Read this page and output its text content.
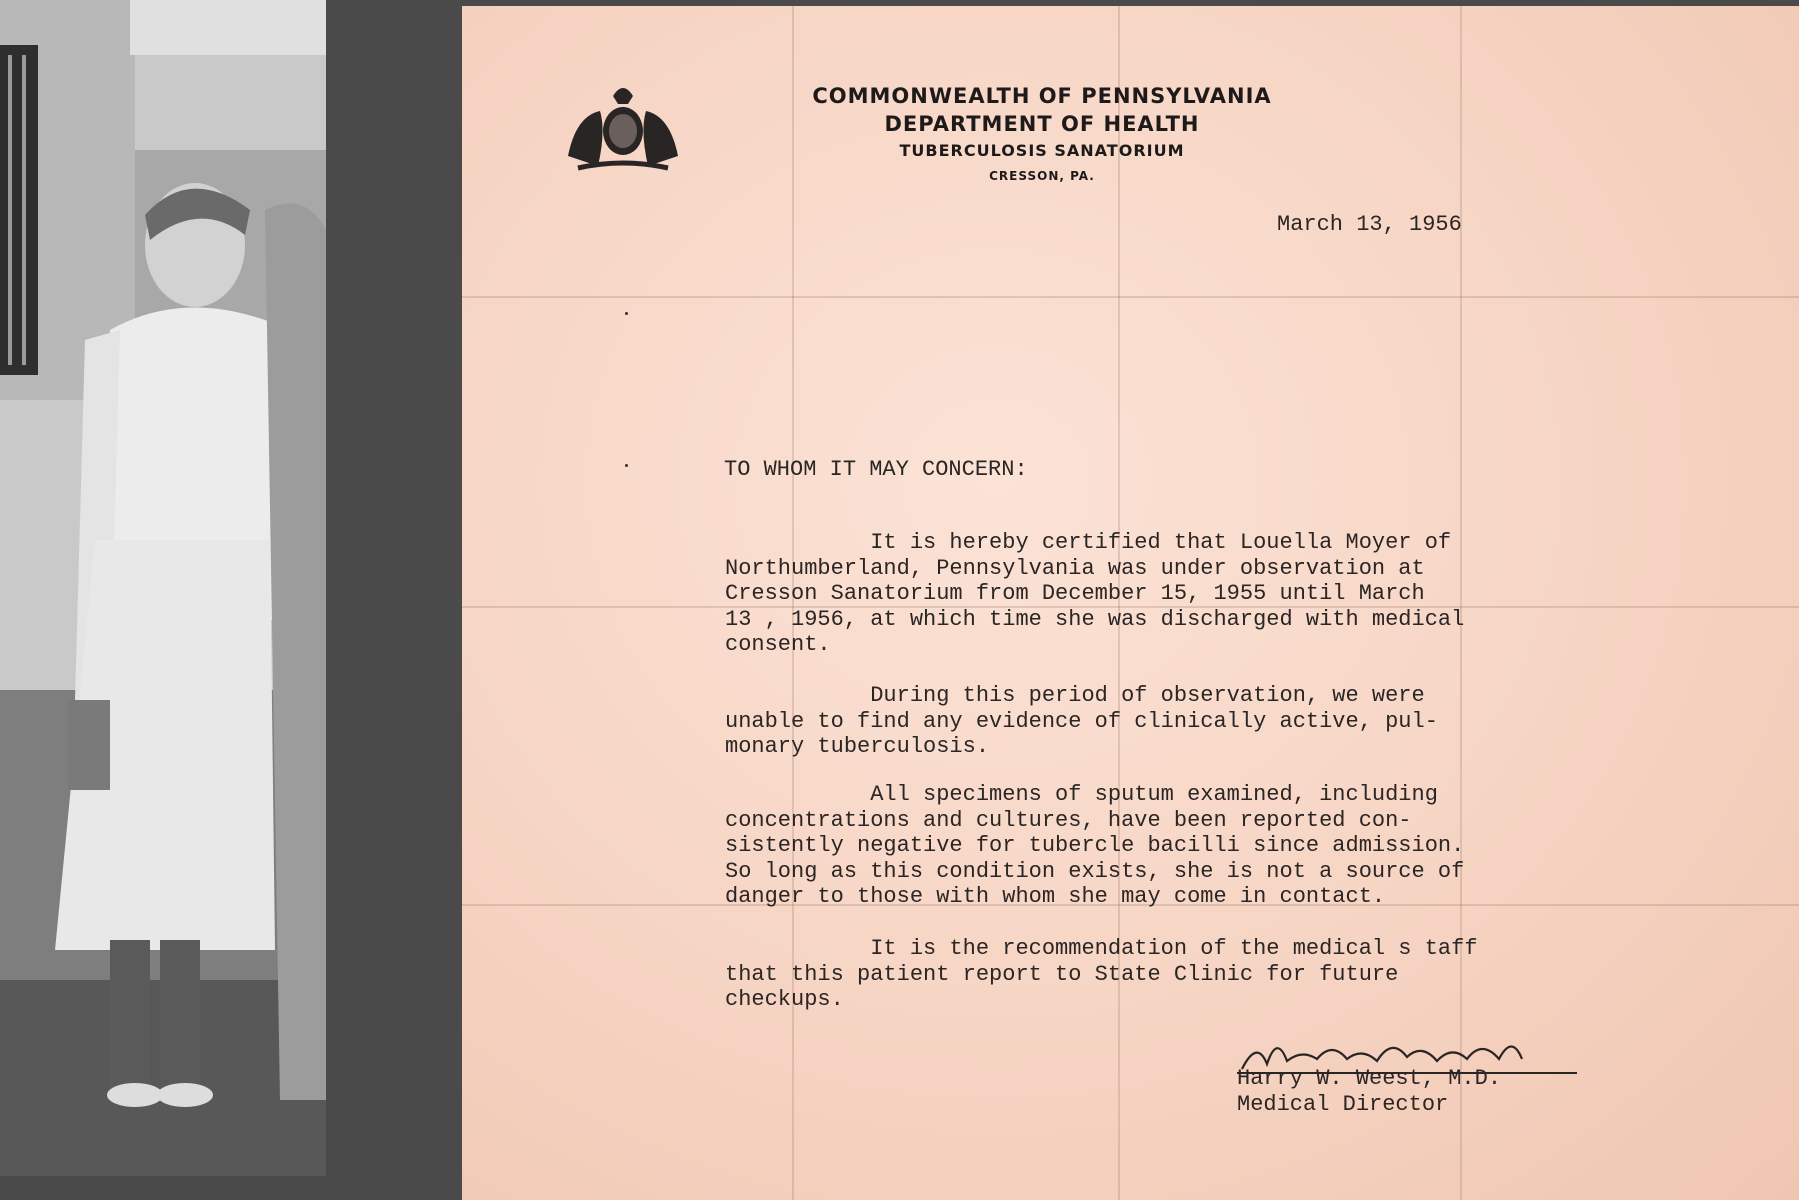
COMMONWEALTH OF PENNSYLVANIA
DEPARTMENT OF HEALTH
TUBERCULOSIS SANATORIUM
CRESSON, PA.
March 13, 1956
TO WHOM IT MAY CONCERN:
It is hereby certified that Louella Moyer of
Northumberland, Pennsylvania was under observation at
Cresson Sanatorium from December 15, 1955 until March
13 , 1956, at which time she was discharged with medical
consent.
During this period of observation, we were
unable to find any evidence of clinically active, pul-
monary tuberculosis.
All specimens of sputum examined, including
concentrations and cultures, have been reported con-
sistently negative for tubercle bacilli since admission.
So long as this condition exists, she is not a source of
danger to those with whom she may come in contact.
It is the recommendation of the medical s taff
that this patient report to State Clinic for future
checkups.
Harry W. Weest, M.D.
Medical Director
